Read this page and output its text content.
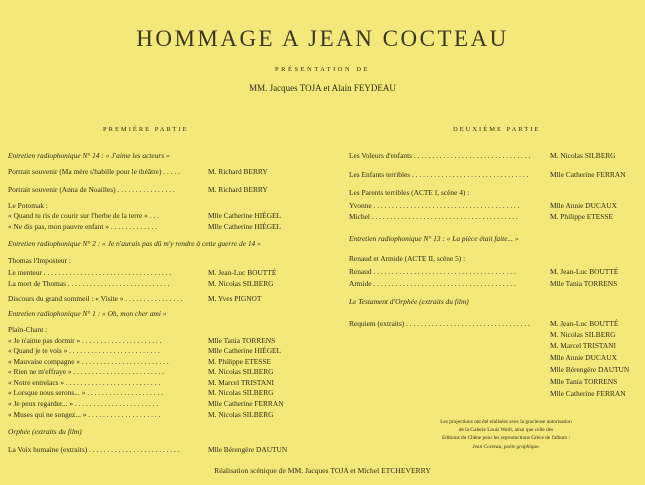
HOMMAGE A JEAN COCTEAU
PRÉSENTATION DE
MM. Jacques TOJA et Alain FEYDEAU
PREMIÈRE PARTIE	DEUXIÈME PARTIE
Entretien radiophonique N° 14 : « J'aime les acteurs »
Portrait souvenir (Ma mère s'habille pour le théâtre) . . . . .	M. Richard BERRY
Portrait souvenir (Anna de Noailles) . . . . . . . . . . . . . . . .	M. Richard BERRY
Le Potomak :
« Quand tu ris de courir sur l'herbe de la terre » . . .	Mlle Catherine HIÉGEL
« Ne dis pas, mon pauvre enfant » . . . . . . . . . . . . .	Mlle Catherine HIÉGEL
Entretien radiophonique N° 2 : « Je n'aurais pas dû m'y rendre à cette guerre de 14 »
Thomas l'Imposteur :
Le menteur . . . . . . . . . . . . . . . . . . . . . . . . . . . . . . . . . . .	M. Jean-Luc BOUTTÉ
La mort de Thomas . . . . . . . . . . . . . . . . . . . . . . . . . . . .	M. Nicolas SILBERG
Discours du grand sommeil : « Visite » . . . . . . . . . . . . . . . .	M. Yves PIGNOT
Entretien radiophonique N° 1 : « Oh, mon cher ami »
Plain-Chant :
« Je n'aime pas dormir » . . . . . . . . . . . . . . . . . . . . . .	Mlle Tania TORRENS
« Quand je te vois » . . . . . . . . . . . . . . . . . . . . . . . . .	Mlle Catherine HIÉGEL
« Mauvaise compagne » . . . . . . . . . . . . . . . . . . . . . . . .	M. Philippe ETESSE
« Rien ne m'effraye » . . . . . . . . . . . . . . . . . . . . . . . . .	M. Nicolas SILBERG
« Notre entrelacs » . . . . . . . . . . . . . . . . . . . . . . . . . .	M. Marcel TRISTANI
« Lorsque nous serons... » . . . . . . . . . . . . . . . . . . . . .	M. Nicolas SILBERG
« Je peux regarder... » . . . . . . . . . . . . . . . . . . . . . . .	Mlle Catherine FERRAN
« Muses qui ne songez... » . . . . . . . . . . . . . . . . . . . .	M. Nicolas SILBERG
Orphée (extraits du film)
La Voix humaine (extraits) . . . . . . . . . . . . . . . . . . . . . . . . .	Mlle Bérengère DAUTUN
Les Voleurs d'enfants . . . . . . . . . . . . . . . . . . . . . . . . . . . . . . . .	M. Nicolas SILBERG
Les Enfants terribles . . . . . . . . . . . . . . . . . . . . . . . . . . . . . . . .	Mlle Catherine FERRAN
Les Parents terribles (ACTE I, scène 4) :
Yvonne . . . . . . . . . . . . . . . . . . . . . . . . . . . . . . . . . . . . . . . .	Mlle Annie DUCAUX
Michel . . . . . . . . . . . . . . . . . . . . . . . . . . . . . . . . . . . . . . . .	M. Philippe ETESSE
Entretien radiophonique N° 13 : « La pièce était faite... »
Renaud et Armide (ACTE II, scène 5) :
Renaud . . . . . . . . . . . . . . . . . . . . . . . . . . . . . . . . . . . . . . .	M. Jean-Luc BOUTTÉ
Armide . . . . . . . . . . . . . . . . . . . . . . . . . . . . . . . . . . . . . . .	Mlle Tania TORRENS
Le Testament d'Orphée (extraits du film)
Requiem (extraits) . . . . . . . . . . . . . . . . . . . . . . . . . . . . . . . . . .	M. Jean-Luc BOUTTÉ
M. Nicolas SILBERG
M. Marcel TRISTANI
Mlle Annie DUCAUX
Mlle Bérengère DAUTUN
Mlle Tania TORRENS
Mlle Catherine FERRAN
Les projections ont été réalisées avec la gracieuse autorisation
de la Galerie Louis Weill, ainsi que celle des
Editions du Chêne pour les reproductions Grèce de l'album :
Jean Cocteau, poète graphique.
Réalisation scénique de MM. Jacques TOJA et Michel ETCHEVERRY
